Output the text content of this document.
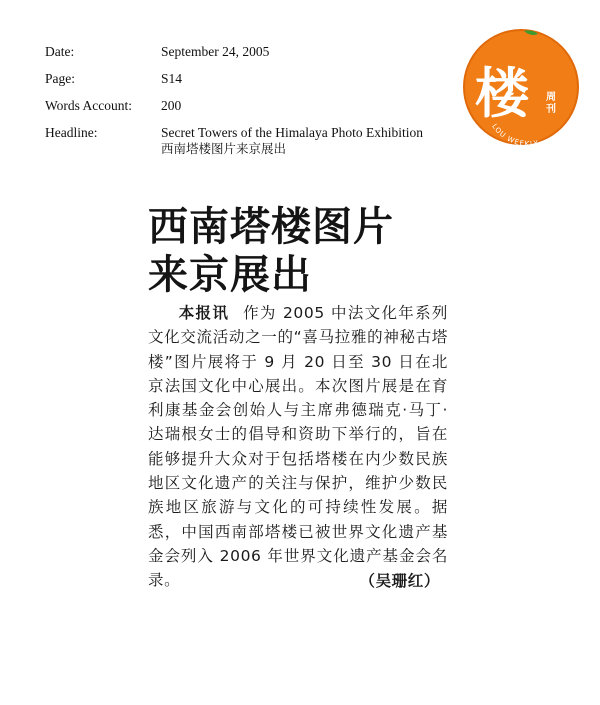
Date:	September 24, 2005
Page:	S14
Words Account:	200
Headline:	Secret Towers of the Himalaya Photo Exhibition
西南塔楼图片来京展出
楼 周刊
LOU WEEKLY
西南塔楼图片
来京展出
本报讯 作为 2005 中法文化年系列文化交流活动之一的“喜马拉雅的神秘古塔楼”图片展将于 9 月 20 日至 30 日在北京法国文化中心展出。本次图片展是在育利康基金会创始人与主席弗德瑞克·马丁·达瑞根女士的倡导和资助下举行的，旨在能够提升大众对于包括塔楼在内少数民族地区文化遗产的关注与保护，维护少数民族地区旅游与文化的可持续性发展。据悉，中国西南部塔楼已被世界文化遗产基金会列入 2006 年世界文化遗产基金会名录。	（吴珊红）
